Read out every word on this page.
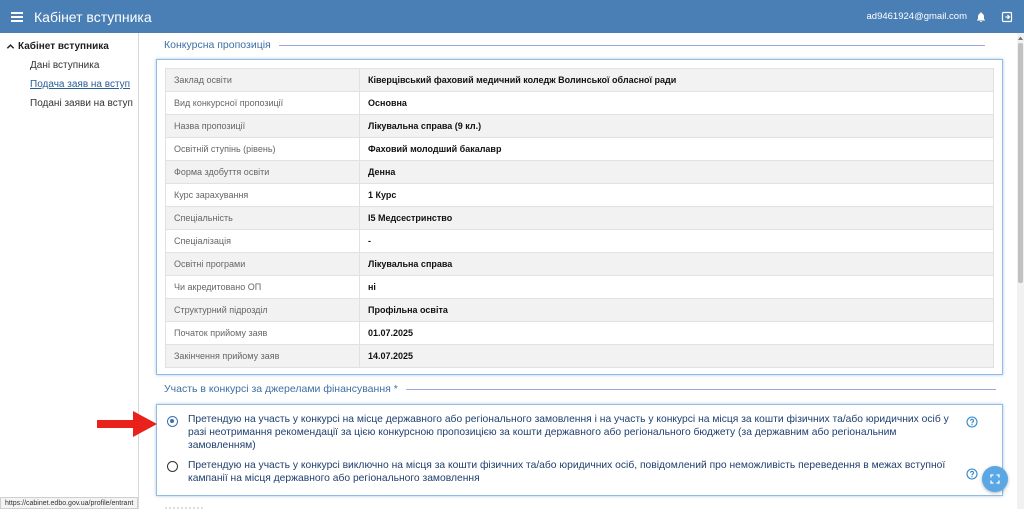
Кабінет вступника	ad9461924@gmail.com
Кабінет вступника
Дані вступника
Подача заяв на вступ
Подані заяви на вступ
Конкурсна пропозиція
Заклад освіти	Ківерцівський фаховий медичний коледж Волинської обласної ради
Вид конкурсної пропозиції	Основна
Назва пропозиції	Лікувальна справа (9 кл.)
Освітній ступінь (рівень)	Фаховий молодший бакалавр
Форма здобуття освіти	Денна
Курс зарахування	1 Курс
Спеціальність	I5 Медсестринство
Спеціалізація	-
Освітні програми	Лікувальна справа
Чи акредитовано ОП	ні
Структурний підрозділ	Профільна освіта
Початок прийому заяв	01.07.2025
Закінчення прийому заяв	14.07.2025
Участь в конкурсі за джерелами фінансування *
Претендую на участь у конкурсі на місце державного або регіонального замовлення і на участь у конкурсі на місця за кошти фізичних та/або юридичних осіб у разі неотримання рекомендації за цією конкурсною пропозицією за кошти державного або регіонального бюджету (за державним або регіональним замовленням)
Претендую на участь у конкурсі виключно на місця за кошти фізичних та/або юридичних осіб, повідомлений про неможливість переведення в межах вступної кампанії на місця державного або регіонального замовлення
https://cabinet.edbo.gov.ua/profile/entrant
